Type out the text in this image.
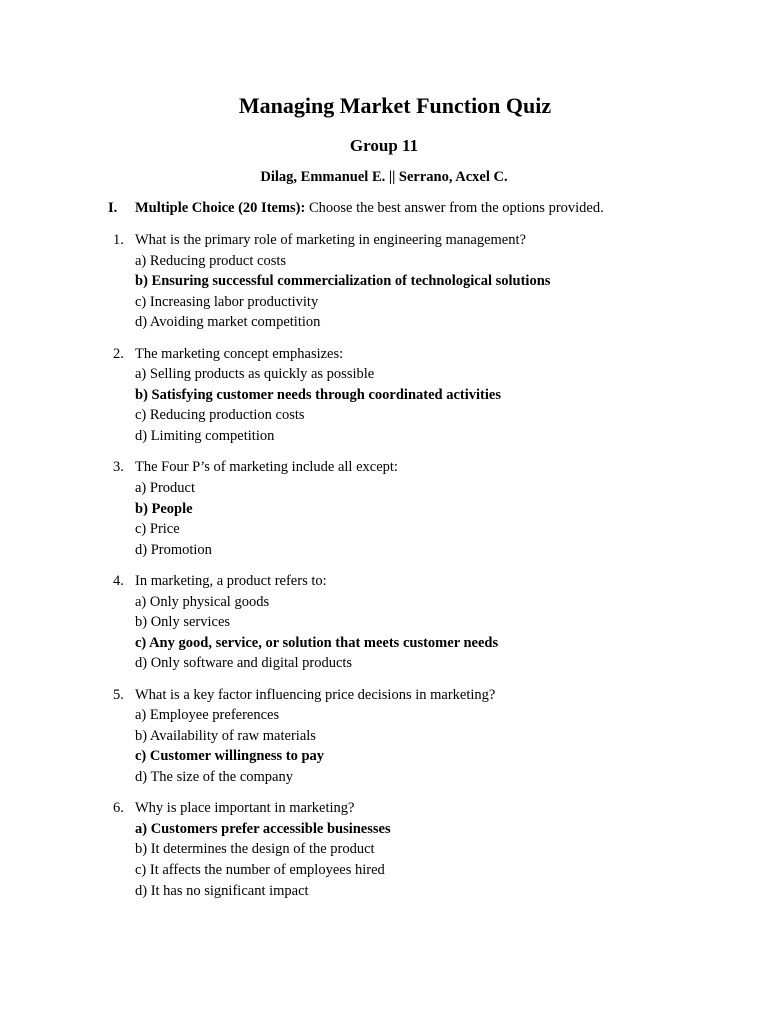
Managing Market Function Quiz
Group 11
Dilag, Emmanuel E. || Serrano, Acxel C.
I. Multiple Choice (20 Items): Choose the best answer from the options provided.
1. What is the primary role of marketing in engineering management?
a) Reducing product costs
b) Ensuring successful commercialization of technological solutions
c) Increasing labor productivity
d) Avoiding market competition
2. The marketing concept emphasizes:
a) Selling products as quickly as possible
b) Satisfying customer needs through coordinated activities
c) Reducing production costs
d) Limiting competition
3. The Four P’s of marketing include all except:
a) Product
b) People
c) Price
d) Promotion
4. In marketing, a product refers to:
a) Only physical goods
b) Only services
c) Any good, service, or solution that meets customer needs
d) Only software and digital products
5. What is a key factor influencing price decisions in marketing?
a) Employee preferences
b) Availability of raw materials
c) Customer willingness to pay
d) The size of the company
6. Why is place important in marketing?
a) Customers prefer accessible businesses
b) It determines the design of the product
c) It affects the number of employees hired
d) It has no significant impact
